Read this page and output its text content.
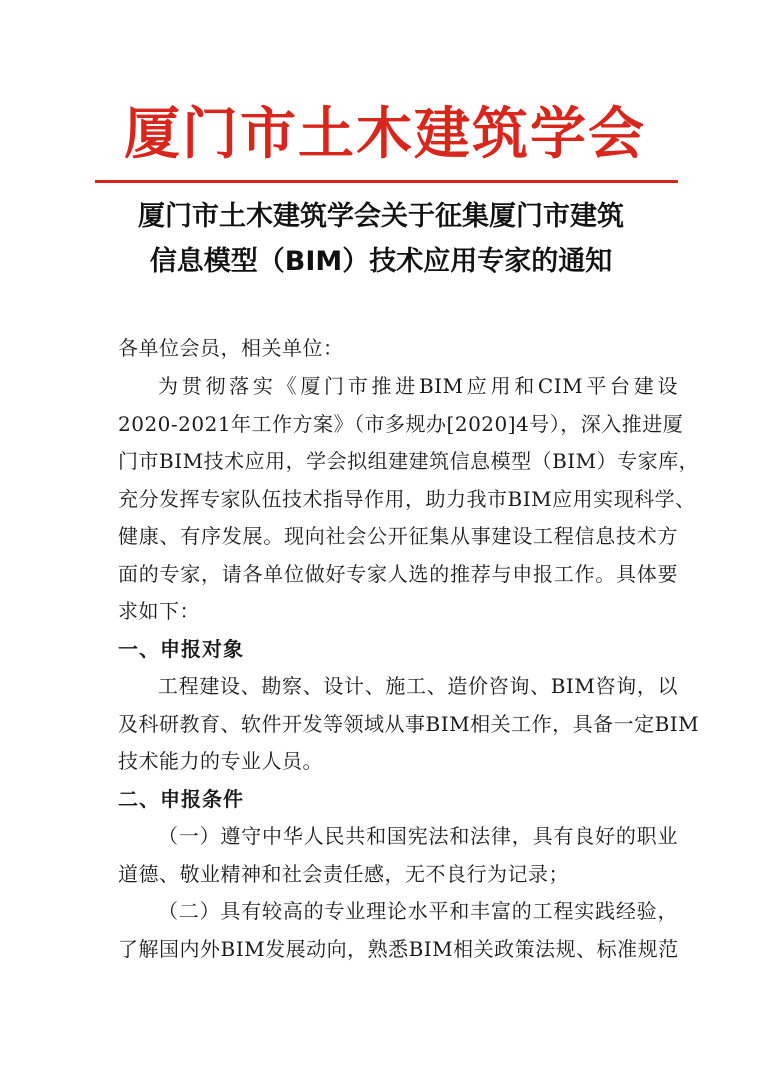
厦门市土木建筑学会
厦门市土木建筑学会关于征集厦门市建筑
信息模型（BIM）技术应用专家的通知
各单位会员，相关单位：
为贯彻落实《厦门市推进BIM应用和CIM平台建设
2020-2021年工作方案》（市多规办[2020]4号），深入推进厦
门市BIM技术应用，学会拟组建建筑信息模型（BIM）专家库，
充分发挥专家队伍技术指导作用，助力我市BIM应用实现科学、
健康、有序发展。现向社会公开征集从事建设工程信息技术方
面的专家，请各单位做好专家人选的推荐与申报工作。具体要
求如下：
一、申报对象
工程建设、勘察、设计、施工、造价咨询、BIM咨询，以
及科研教育、软件开发等领域从事BIM相关工作，具备一定BIM
技术能力的专业人员。
二、申报条件
（一）遵守中华人民共和国宪法和法律，具有良好的职业
道德、敬业精神和社会责任感，无不良行为记录；
（二）具有较高的专业理论水平和丰富的工程实践经验，
了解国内外BIM发展动向，熟悉BIM相关政策法规、标准规范
